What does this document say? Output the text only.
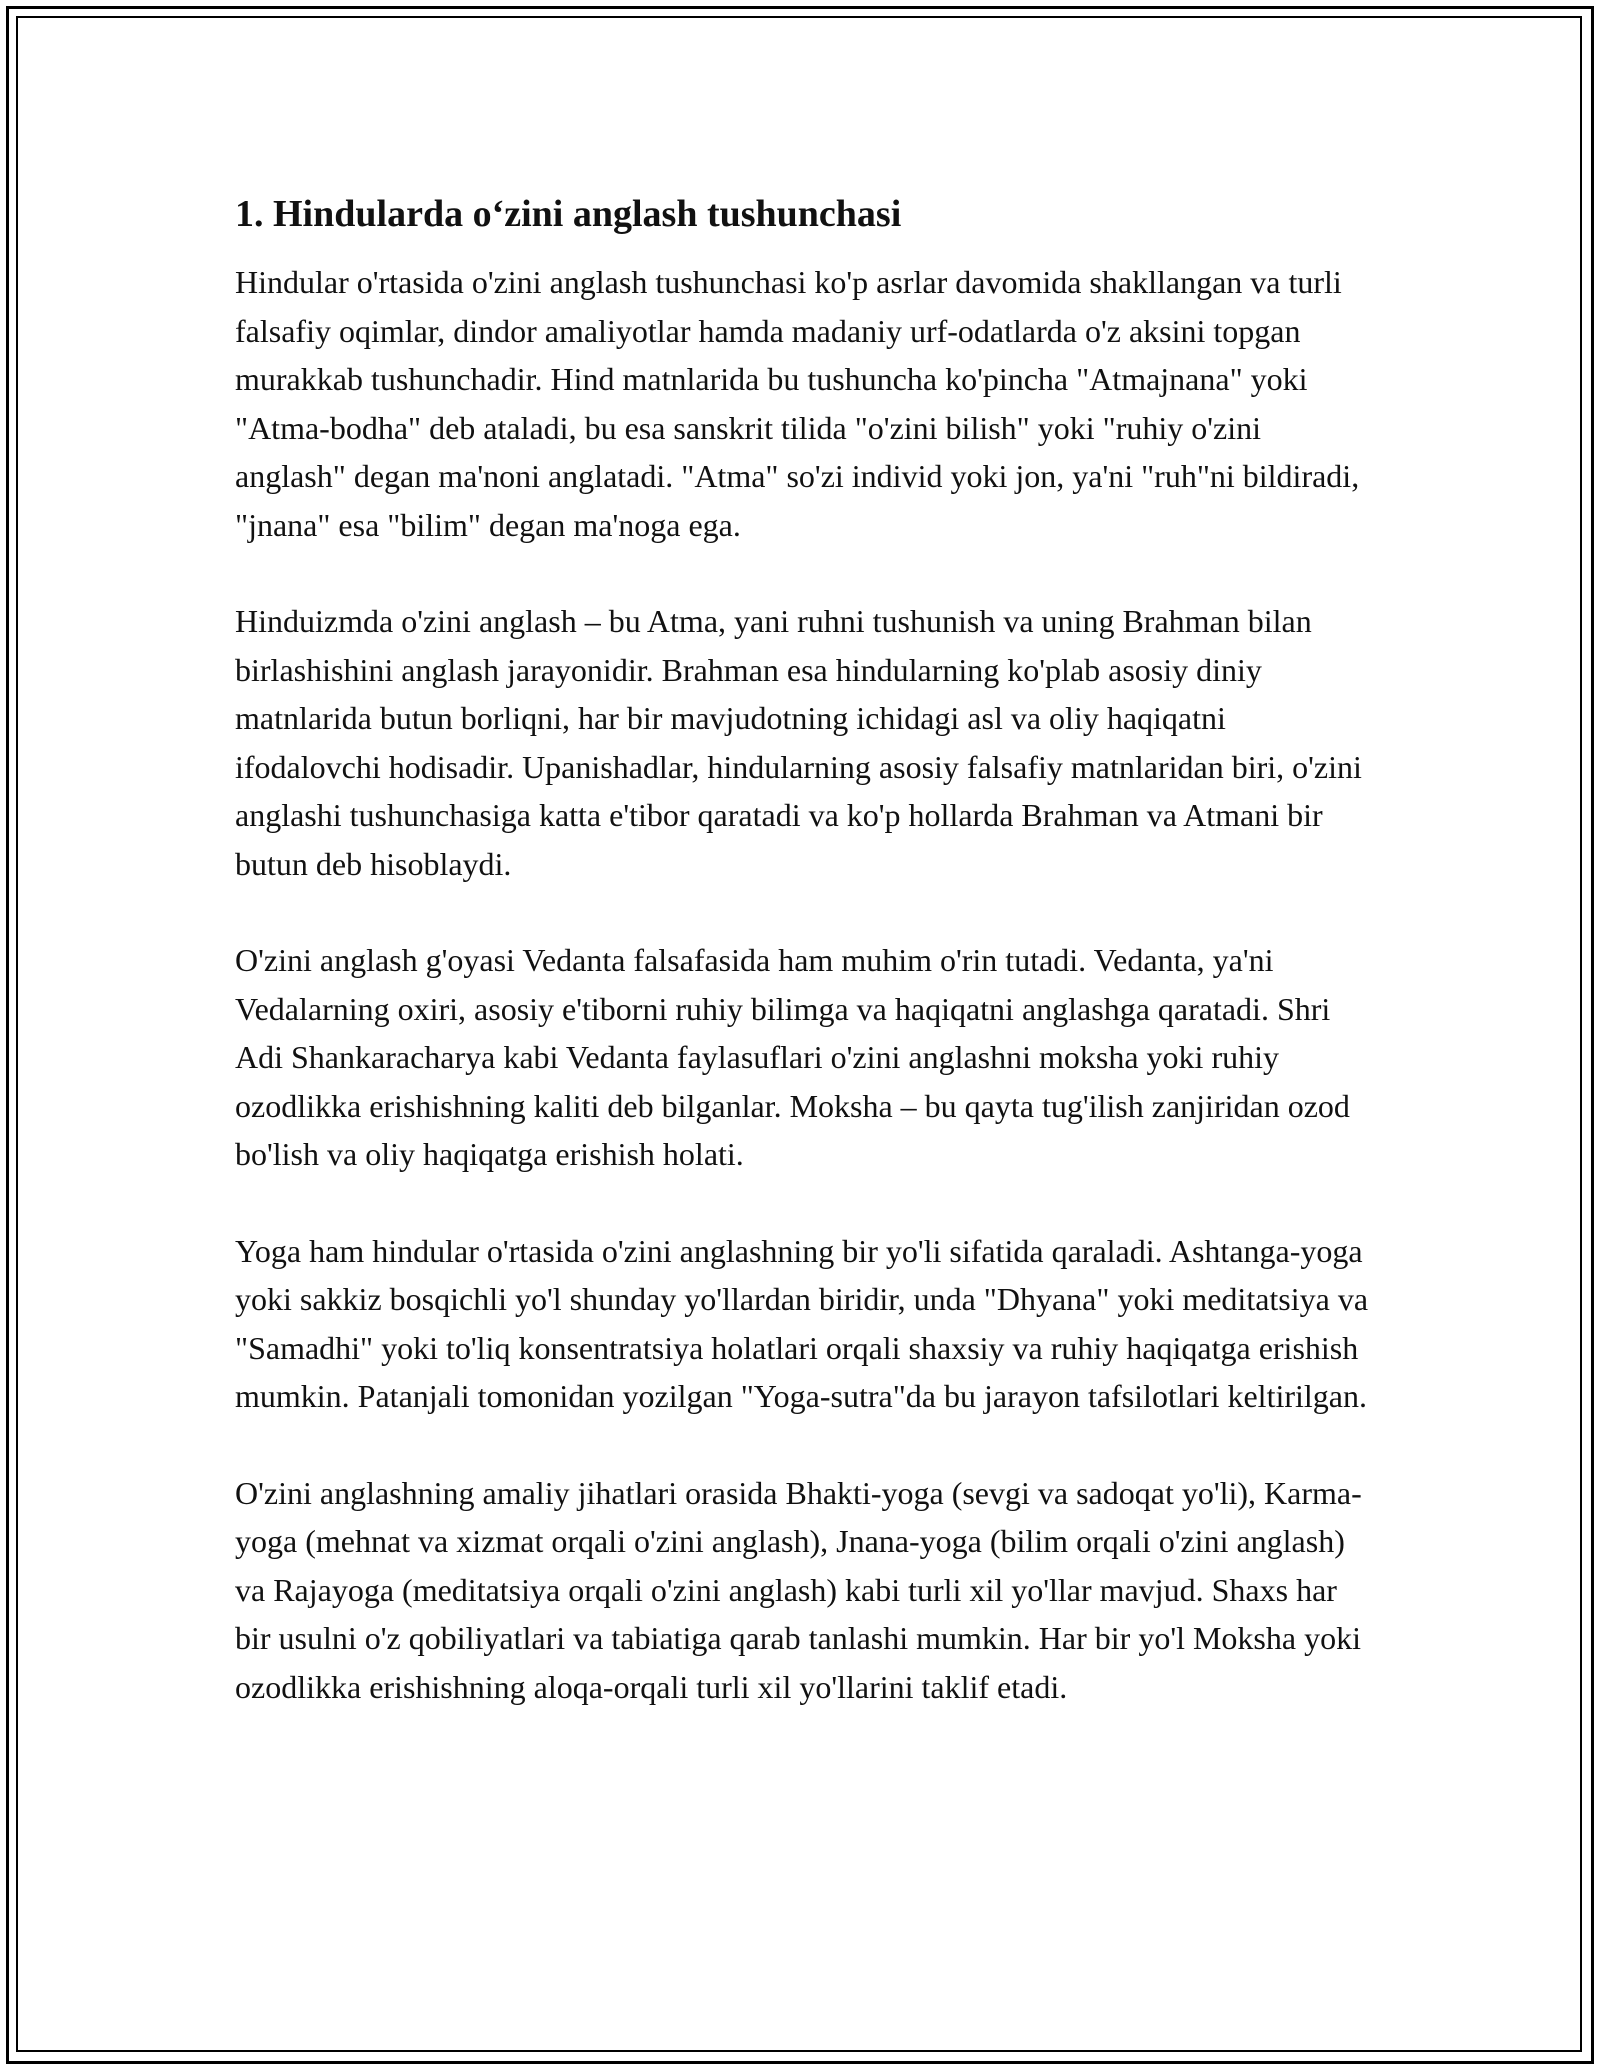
1. Hindularda o‘zini anglash tushunchasi

Hindular o'rtasida o'zini anglash tushunchasi ko'p asrlar davomida shakllangan va turli falsafiy oqimlar, dindor amaliyotlar hamda madaniy urf-odatlarda o'z aksini topgan murakkab tushunchadir. Hind matnlarida bu tushuncha ko'pincha "Atmajnana" yoki "Atma-bodha" deb ataladi, bu esa sanskrit tilida "o'zini bilish" yoki "ruhiy o'zini anglash" degan ma'noni anglatadi. "Atma" so'zi individ yoki jon, ya'ni "ruh"ni bildiradi, "jnana" esa "bilim" degan ma'noga ega.

Hinduizmda o'zini anglash – bu Atma, yani ruhni tushunish va uning Brahman bilan birlashishini anglash jarayonidir. Brahman esa hindularning ko'plab asosiy diniy matnlarida butun borliqni, har bir mavjudotning ichidagi asl va oliy haqiqatni ifodalovchi hodisadir. Upanishadlar, hindularning asosiy falsafiy matnlaridan biri, o'zini anglashi tushunchasiga katta e'tibor qaratadi va ko'p hollarda Brahman va Atmani bir butun deb hisoblaydi.

O'zini anglash g'oyasi Vedanta falsafasida ham muhim o'rin tutadi. Vedanta, ya'ni Vedalarning oxiri, asosiy e'tiborni ruhiy bilimga va haqiqatni anglashga qaratadi. Shri Adi Shankaracharya kabi Vedanta faylasuflari o'zini anglashni moksha yoki ruhiy ozodlikka erishishning kaliti deb bilganlar. Moksha – bu qayta tug'ilish zanjiridan ozod bo'lish va oliy haqiqatga erishish holati.

Yoga ham hindular o'rtasida o'zini anglashning bir yo'li sifatida qaraladi. Ashtanga-yoga yoki sakkiz bosqichli yo'l shunday yo'llardan biridir, unda "Dhyana" yoki meditatsiya va "Samadhi" yoki to'liq konsentratsiya holatlari orqali shaxsiy va ruhiy haqiqatga erishish mumkin. Patanjali tomonidan yozilgan "Yoga-sutra"da bu jarayon tafsilotlari keltirilgan.

O'zini anglashning amaliy jihatlari orasida Bhakti-yoga (sevgi va sadoqat yo'li), Karma-yoga (mehnat va xizmat orqali o'zini anglash), Jnana-yoga (bilim orqali o'zini anglash) va Rajayoga (meditatsiya orqali o'zini anglash) kabi turli xil yo'llar mavjud. Shaxs har bir usulni o'z qobiliyatlari va tabiatiga qarab tanlashi mumkin. Har bir yo'l Moksha yoki ozodlikka erishishning aloqa-orqali turli xil yo'llarini taklif etadi.
